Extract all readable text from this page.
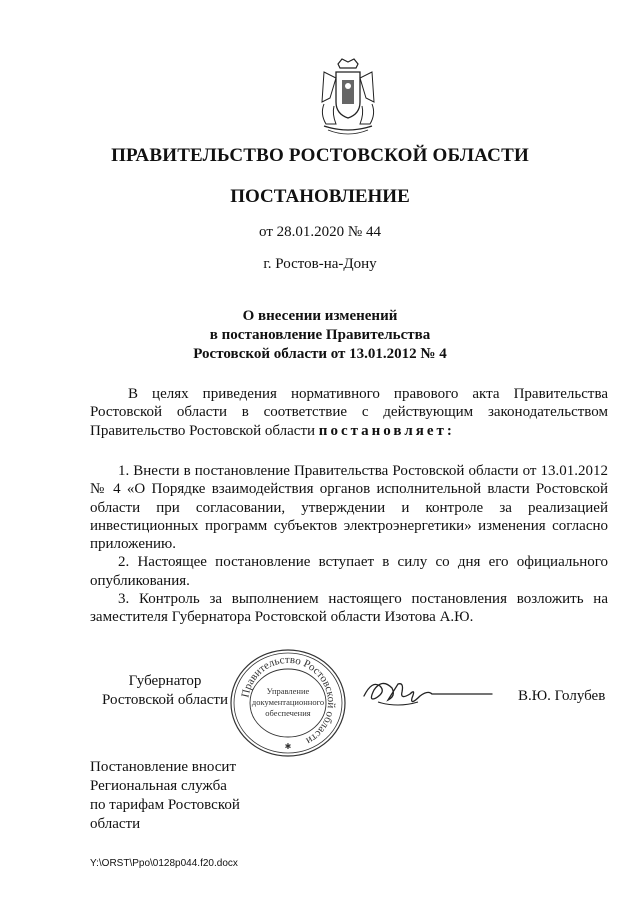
ПРАВИТЕЛЬСТВО РОСТОВСКОЙ ОБЛАСТИ
ПОСТАНОВЛЕНИЕ
от 28.01.2020 № 44
г. Ростов-на-Дону
О внесении изменений
в постановление Правительства
Ростовской области от 13.01.2012 № 4

В целях приведения нормативного правового акта Правительства Ростовской области в соответствие с действующим законодательством Правительство Ростовской области постановляет:

1. Внести в постановление Правительства Ростовской области от 13.01.2012 № 4 «О Порядке взаимодействия органов исполнительной власти Ростовской области при согласовании, утверждении и контроле за реализацией инвестиционных программ субъектов электроэнергетики» изменения согласно приложению.

2. Настоящее постановление вступает в силу со дня его официального опубликования.

3. Контроль за выполнением настоящего постановления возложить на заместителя Губернатора Ростовской области Изотова А.Ю.

Губернатор
Ростовской области	Правительство Ростовской области
Управление
документационного
обеспечения
✱
В.Ю. Голубев
Постановление вносит
Региональная служба
по тарифам Ростовской
области
Y:\ORST\Ppo\0128p044.f20.docx
